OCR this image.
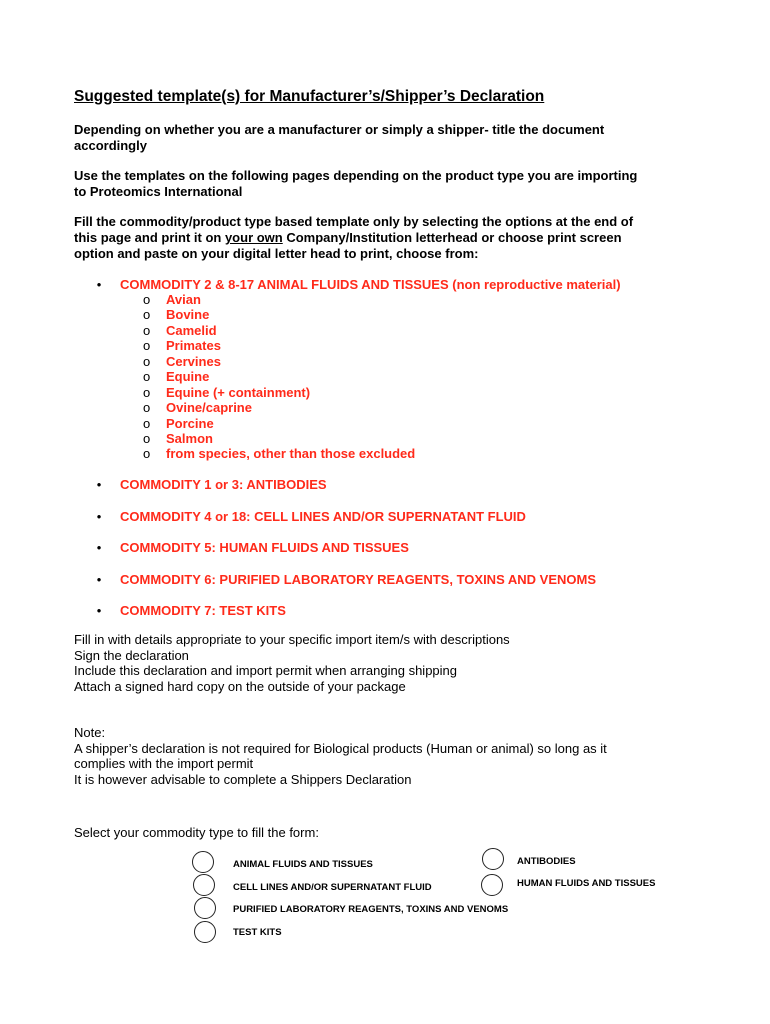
Suggested template(s) for Manufacturer’s/Shipper’s Declaration
Depending on whether you are a manufacturer or simply a shipper- title the document
accordingly
Use the templates on the following pages depending on the product type you are importing
to Proteomics International
Fill the commodity/product type based template only by selecting the options at the end of
this page and print it on your own Company/Institution letterhead or choose print screen
option and paste on your digital letter head to print, choose from:
• COMMODITY 2 & 8-17 ANIMAL FLUIDS AND TISSUES (non reproductive material)
o Avian
o Bovine
o Camelid
o Primates
o Cervines
o Equine
o Equine (+ containment)
o Ovine/caprine
o Porcine
o Salmon
o from species, other than those excluded
• COMMODITY 1 or 3: ANTIBODIES
• COMMODITY 4 or 18: CELL LINES AND/OR SUPERNATANT FLUID
• COMMODITY 5: HUMAN FLUIDS AND TISSUES
• COMMODITY 6: PURIFIED LABORATORY REAGENTS, TOXINS AND VENOMS
• COMMODITY 7: TEST KITS
Fill in with details appropriate to your specific import item/s with descriptions
Sign the declaration
Include this declaration and import permit when arranging shipping
Attach a signed hard copy on the outside of your package
Note:
A shipper’s declaration is not required for Biological products (Human or animal) so long as it
complies with the import permit
It is however advisable to complete a Shippers Declaration
Select your commodity type to fill the form:
ANIMAL FLUIDS AND TISSUES	ANTIBODIES
CELL LINES AND/OR SUPERNATANT FLUID	HUMAN FLUIDS AND TISSUES
PURIFIED LABORATORY REAGENTS, TOXINS AND VENOMS
TEST KITS
